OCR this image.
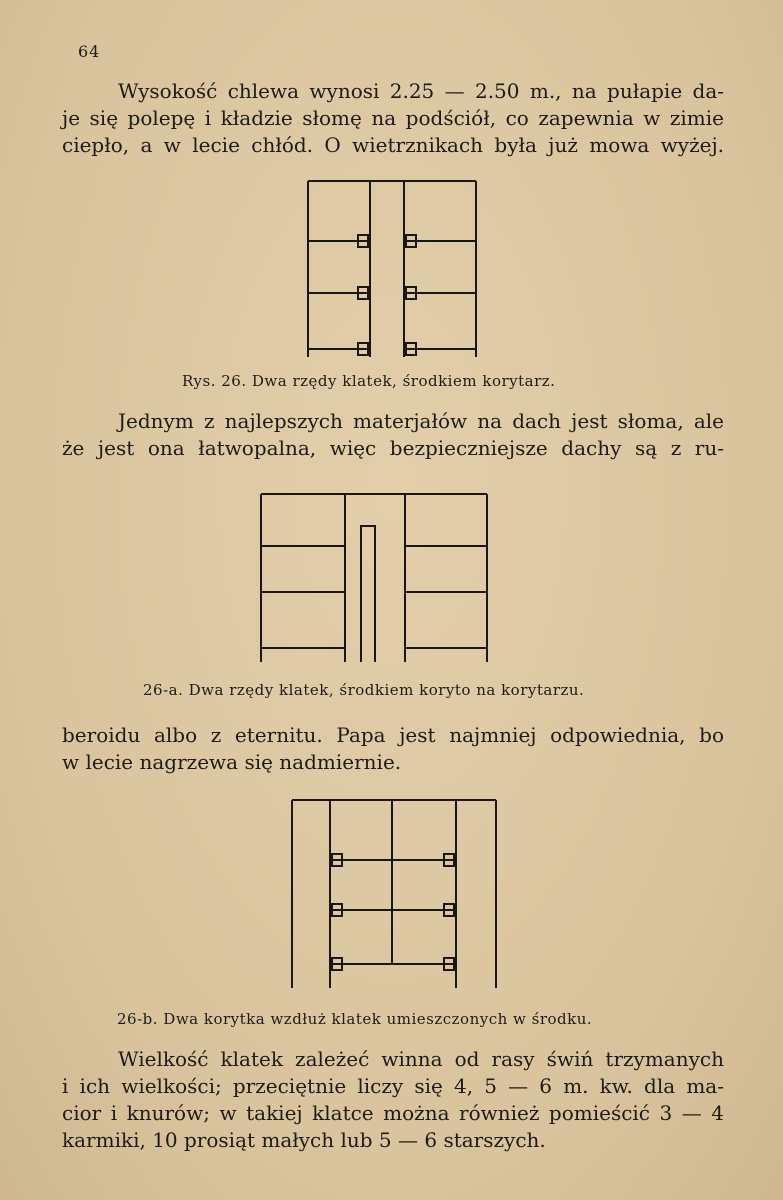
64
Wysokość chlewa wynosi 2.25 — 2.50 m., na pułapie da-
je się polepę i kładzie słomę na podściół, co zapewnia w zimie
ciepło, a w lecie chłód. O wietrznikach była już mowa wyżej.
Rys. 26. Dwa rzędy klatek, środkiem korytarz.
Jednym z najlepszych materjałów na dach jest słoma, ale
że jest ona łatwopalna, więc bezpieczniejsze dachy są z ru-
26-a. Dwa rzędy klatek, środkiem koryto na korytarzu.
beroidu albo z eternitu. Papa jest najmniej odpowiednia, bo
w lecie nagrzewa się nadmiernie.
26-b. Dwa korytka wzdłuż klatek umieszczonych w środku.
Wielkość klatek zależeć winna od rasy świń trzymanych
i ich wielkości; przeciętnie liczy się 4, 5 — 6 m. kw. dla ma-
cior i knurów; w takiej klatce można również pomieścić 3 — 4
karmiki, 10 prosiąt małych lub 5 — 6 starszych.
